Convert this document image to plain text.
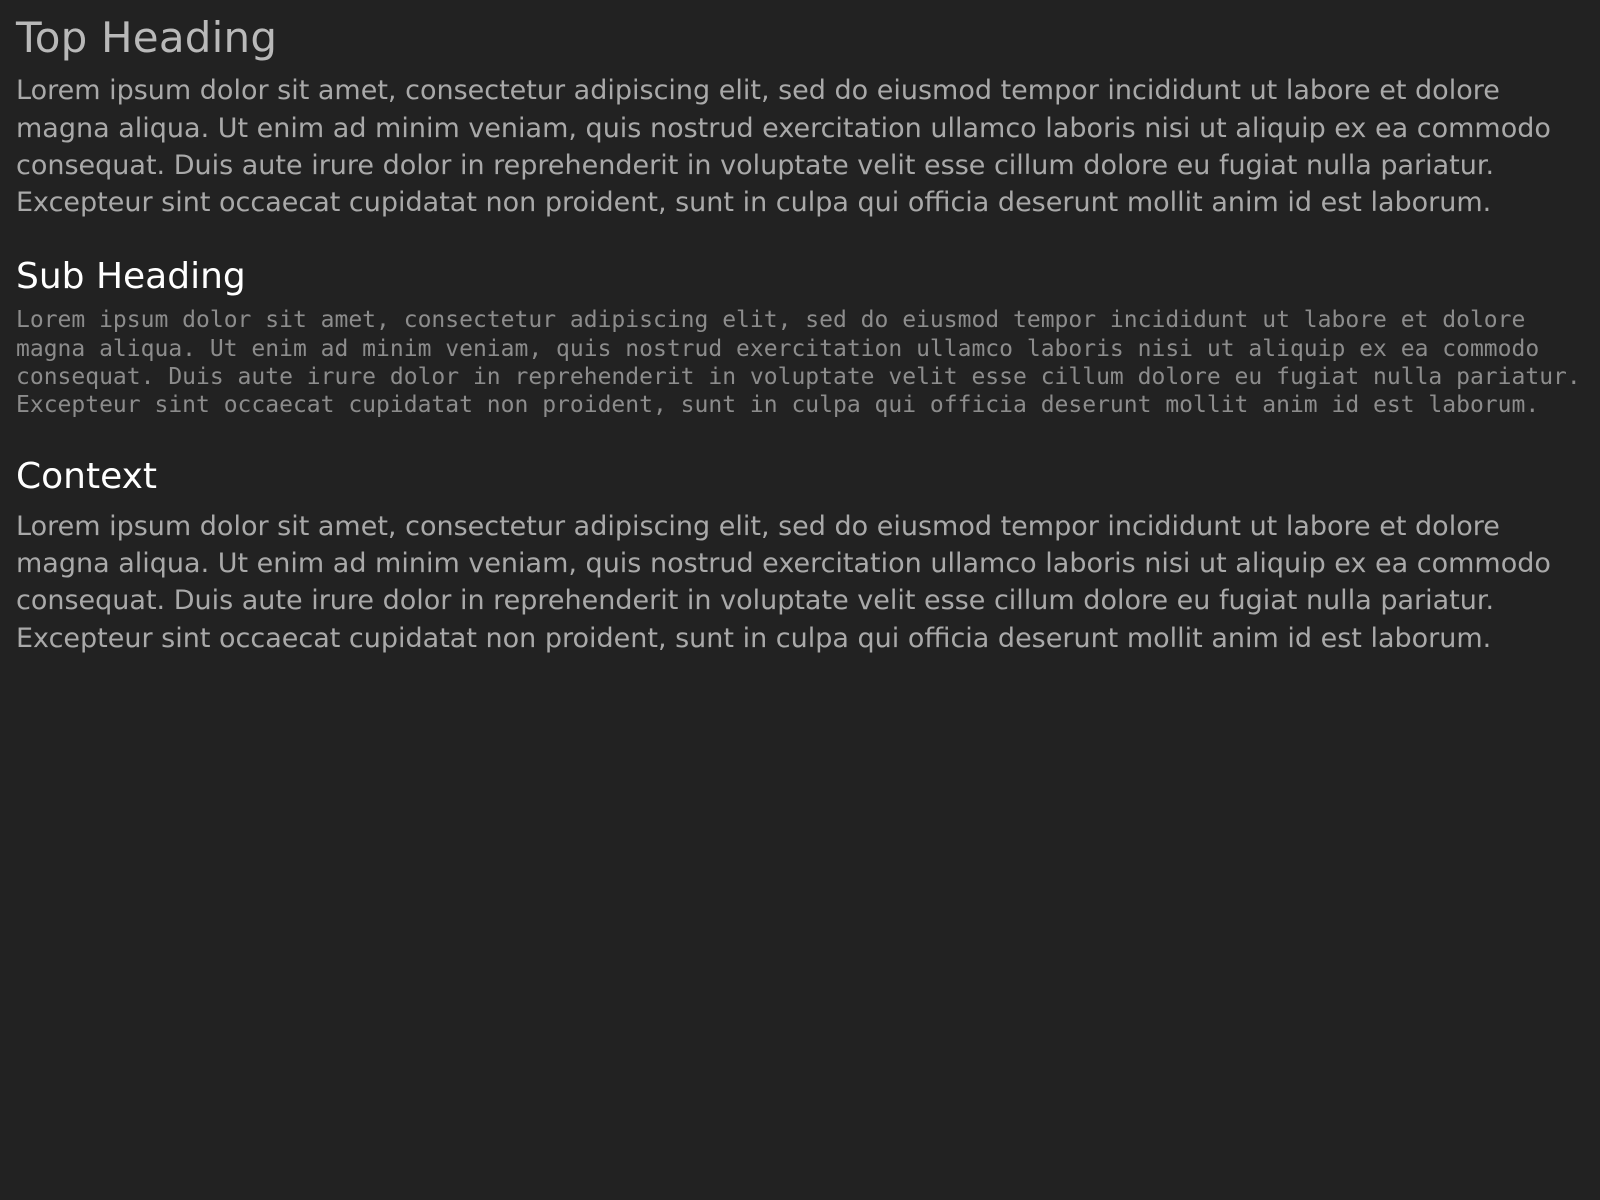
Top Heading

Lorem ipsum dolor sit amet, consectetur adipiscing elit, sed do eiusmod tempor incididunt ut labore et dolore magna aliqua. Ut enim ad minim veniam, quis nostrud exercitation ullamco laboris nisi ut aliquip ex ea commodo consequat. Duis aute irure dolor in reprehenderit in voluptate velit esse cillum dolore eu fugiat nulla pariatur. Excepteur sint occaecat cupidatat non proident, sunt in culpa qui officia deserunt mollit anim id est laborum.

Sub Heading

Lorem ipsum dolor sit amet, consectetur adipiscing elit, sed do eiusmod tempor incididunt ut labore et dolore magna aliqua. Ut enim ad minim veniam, quis nostrud exercitation ullamco laboris nisi ut aliquip ex ea commodo consequat. Duis aute irure dolor in reprehenderit in voluptate velit esse cillum dolore eu fugiat nulla pariatur. Excepteur sint occaecat cupidatat non proident, sunt in culpa qui officia deserunt mollit anim id est laborum.

Context

Lorem ipsum dolor sit amet, consectetur adipiscing elit, sed do eiusmod tempor incididunt ut labore et dolore magna aliqua. Ut enim ad minim veniam, quis nostrud exercitation ullamco laboris nisi ut aliquip ex ea commodo consequat. Duis aute irure dolor in reprehenderit in voluptate velit esse cillum dolore eu fugiat nulla pariatur. Excepteur sint occaecat cupidatat non proident, sunt in culpa qui officia deserunt mollit anim id est laborum.
